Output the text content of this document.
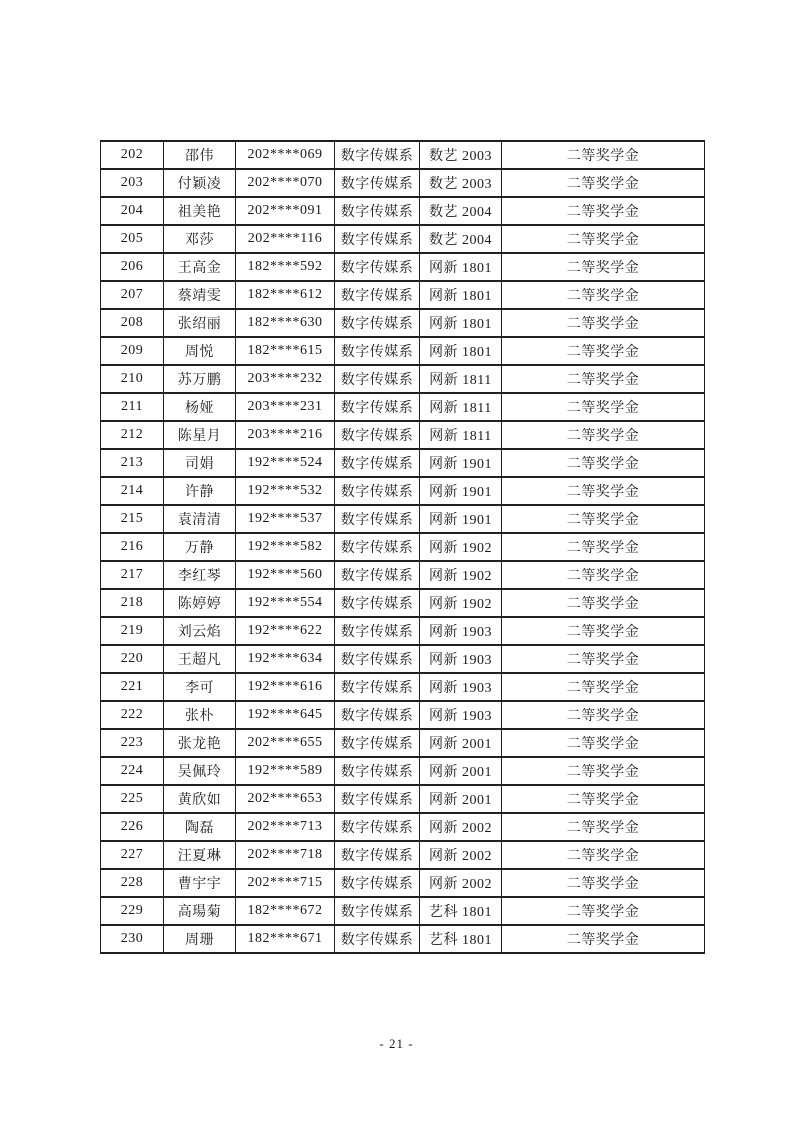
202	邵伟	202****069	数字传媒系	数艺 2003	二等奖学金
203	付颖凌	202****070	数字传媒系	数艺 2003	二等奖学金
204	祖美艳	202****091	数字传媒系	数艺 2004	二等奖学金
205	邓莎	202****116	数字传媒系	数艺 2004	二等奖学金
206	王高金	182****592	数字传媒系	网新 1801	二等奖学金
207	蔡靖雯	182****612	数字传媒系	网新 1801	二等奖学金
208	张绍丽	182****630	数字传媒系	网新 1801	二等奖学金
209	周悦	182****615	数字传媒系	网新 1801	二等奖学金
210	苏万鹏	203****232	数字传媒系	网新 1811	二等奖学金
211	杨娅	203****231	数字传媒系	网新 1811	二等奖学金
212	陈星月	203****216	数字传媒系	网新 1811	二等奖学金
213	司娟	192****524	数字传媒系	网新 1901	二等奖学金
214	许静	192****532	数字传媒系	网新 1901	二等奖学金
215	袁清清	192****537	数字传媒系	网新 1901	二等奖学金
216	万静	192****582	数字传媒系	网新 1902	二等奖学金
217	李红琴	192****560	数字传媒系	网新 1902	二等奖学金
218	陈婷婷	192****554	数字传媒系	网新 1902	二等奖学金
219	刘云焰	192****622	数字传媒系	网新 1903	二等奖学金
220	王超凡	192****634	数字传媒系	网新 1903	二等奖学金
221	李可	192****616	数字传媒系	网新 1903	二等奖学金
222	张朴	192****645	数字传媒系	网新 1903	二等奖学金
223	张龙艳	202****655	数字传媒系	网新 2001	二等奖学金
224	吴佩玲	192****589	数字传媒系	网新 2001	二等奖学金
225	黄欣如	202****653	数字传媒系	网新 2001	二等奖学金
226	陶磊	202****713	数字传媒系	网新 2002	二等奖学金
227	汪夏琳	202****718	数字传媒系	网新 2002	二等奖学金
228	曹宇宇	202****715	数字传媒系	网新 2002	二等奖学金
229	高瑒菊	182****672	数字传媒系	艺科 1801	二等奖学金
230	周珊	182****671	数字传媒系	艺科 1801	二等奖学金
- 21 -
